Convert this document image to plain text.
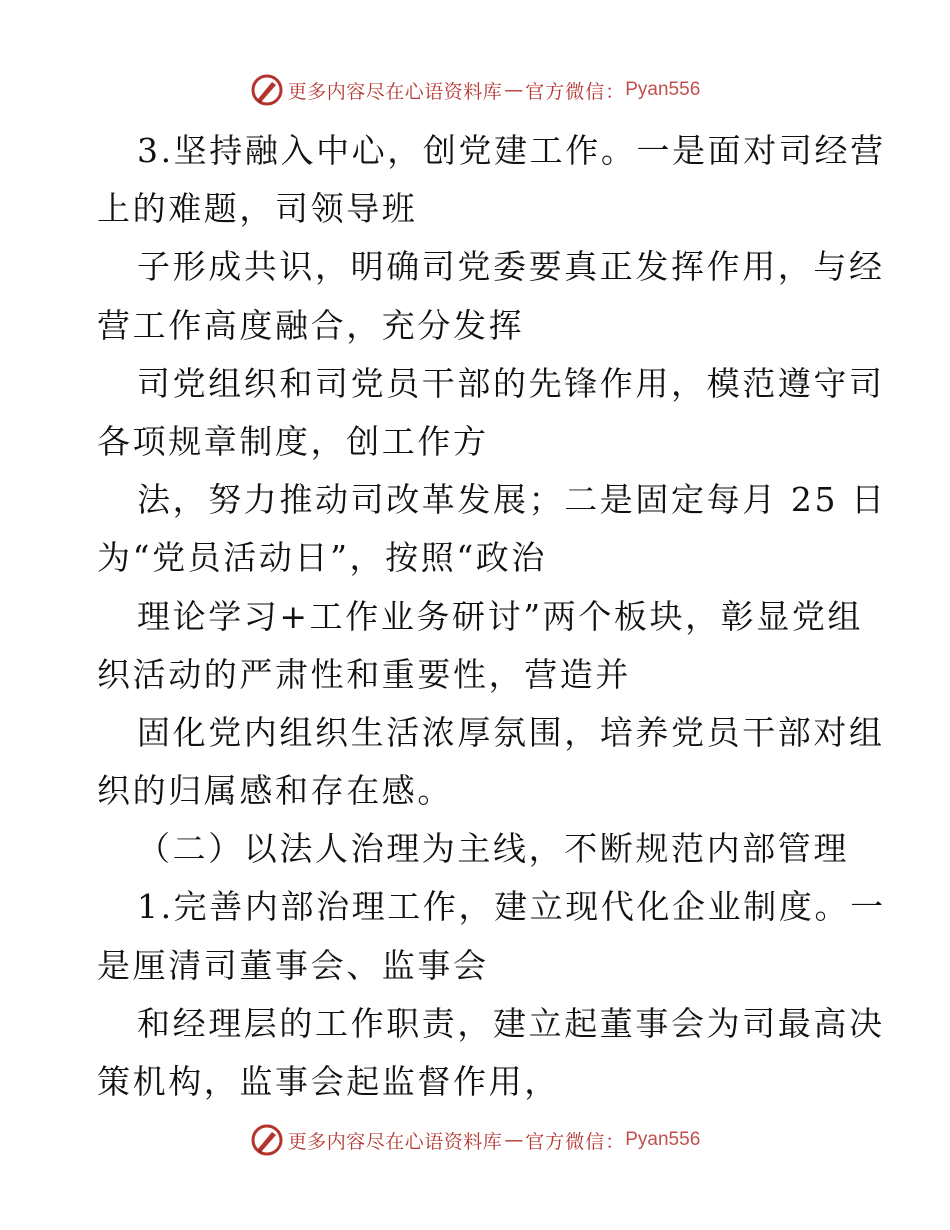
更多内容尽在心语资料库 — 官方微信： Pyan556
3.坚持融入中心，创党建工作。一是面对司经营
上的难题，司领导班
子形成共识，明确司党委要真正发挥作用，与经
营工作高度融合，充分发挥
司党组织和司党员干部的先锋作用，模范遵守司
各项规章制度，创工作方
法，努力推动司改革发展；二是固定每月 25 日
为“党员活动日”，按照“政治
理论学习+工作业务研讨”两个板块，彰显党组
织活动的严肃性和重要性，营造并
固化党内组织生活浓厚氛围，培养党员干部对组
织的归属感和存在感。
（二）以法人治理为主线，不断规范内部管理
1.完善内部治理工作，建立现代化企业制度。一
是厘清司董事会、监事会
和经理层的工作职责，建立起董事会为司最高决
策机构，监事会起监督作用，
更多内容尽在心语资料库 — 官方微信： Pyan556
